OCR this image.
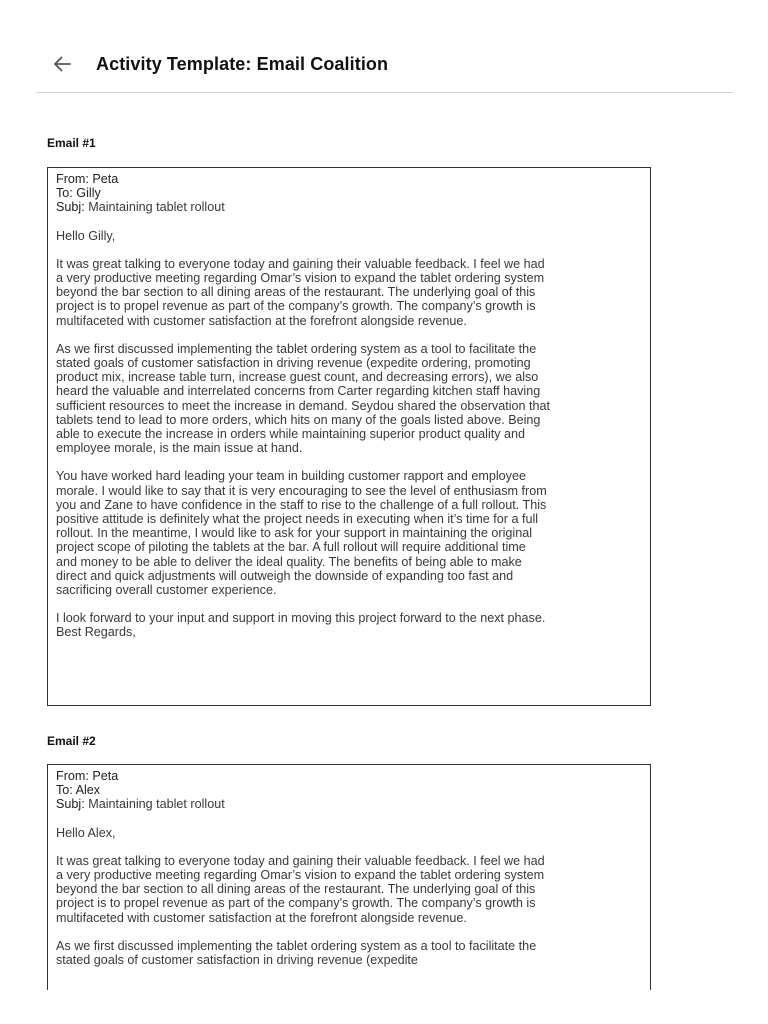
Activity Template: Email Coalition
Email #1

From: Peta

To: Gilly

Subj: Maintaining tablet rollout

Hello Gilly,

It was great talking to everyone today and gaining their valuable feedback. I feel we had a very productive meeting regarding Omar’s vision to expand the tablet ordering system beyond the bar section to all dining areas of the restaurant. The underlying goal of this project is to propel revenue as part of the company’s growth. The company’s growth is multifaceted with customer satisfaction at the forefront alongside revenue.

As we first discussed implementing the tablet ordering system as a tool to facilitate the stated goals of customer satisfaction in driving revenue (expedite ordering, promoting product mix, increase table turn, increase guest count, and decreasing errors), we also heard the valuable and interrelated concerns from Carter regarding kitchen staff having sufficient resources to meet the increase in demand. Seydou shared the observation that tablets tend to lead to more orders, which hits on many of the goals listed above. Being able to execute the increase in orders while maintaining superior product quality and employee morale, is the main issue at hand.

You have worked hard leading your team in building customer rapport and employee morale. I would like to say that it is very encouraging to see the level of enthusiasm from you and Zane to have confidence in the staff to rise to the challenge of a full rollout. This positive attitude is definitely what the project needs in executing when it’s time for a full rollout. In the meantime, I would like to ask for your support in maintaining the original project scope of piloting the tablets at the bar. A full rollout will require additional time and money to be able to deliver the ideal quality. The benefits of being able to make direct and quick adjustments will outweigh the downside of expanding too fast and sacrificing overall customer experience.

I look forward to your input and support in moving this project forward to the next phase.

Best Regards,

Email #2

From: Peta

To: Alex

Subj: Maintaining tablet rollout

Hello Alex,

It was great talking to everyone today and gaining their valuable feedback. I feel we had a very productive meeting regarding Omar’s vision to expand the tablet ordering system beyond the bar section to all dining areas of the restaurant. The underlying goal of this project is to propel revenue as part of the company’s growth. The company’s growth is multifaceted with customer satisfaction at the forefront alongside revenue.

As we first discussed implementing the tablet ordering system as a tool to facilitate the stated goals of customer satisfaction in driving revenue (expedite
